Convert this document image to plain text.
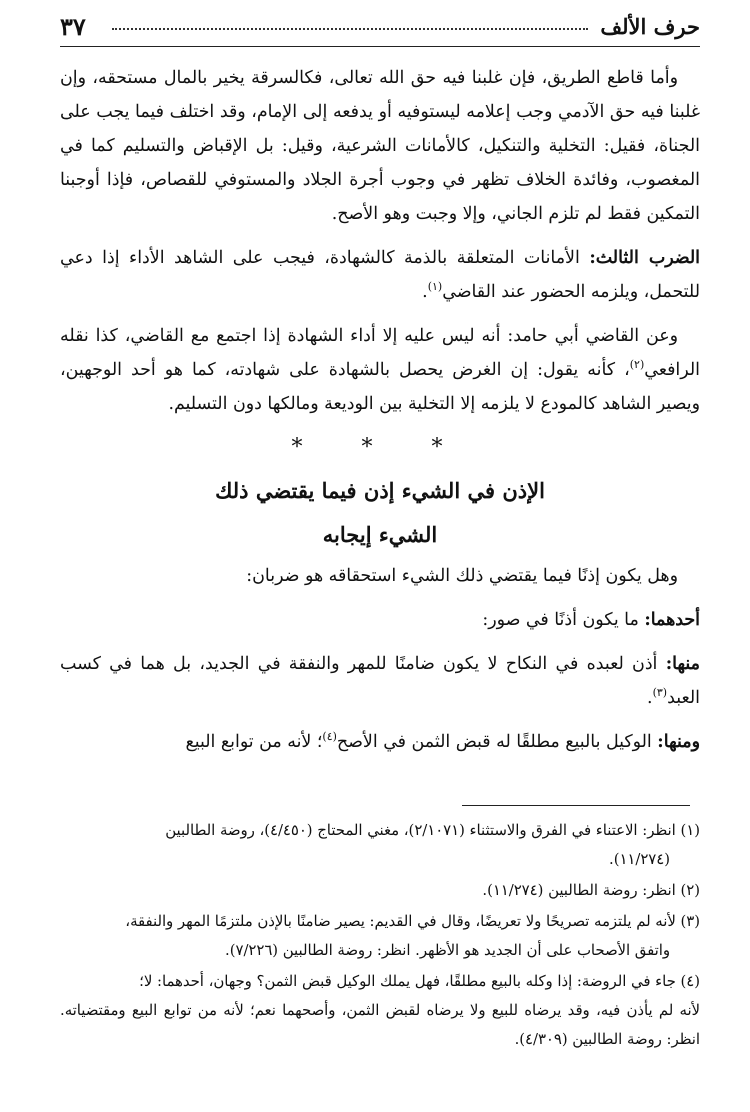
حرف الألف
٣٧

وأما قاطع الطريق، فإن غلبنا فيه حق الله تعالى، فكالسرقة يخير بالمال مستحقه، وإن غلبنا فيه حق الآدمي وجب إعلامه ليستوفيه أو يدفعه إلى الإمام، وقد اختلف فيما يجب على الجناة، فقيل: التخلية والتنكيل، كالأمانات الشرعية، وقيل: بل الإقباض والتسليم كما في المغصوب، وفائدة الخلاف تظهر في وجوب أجرة الجلاد والمستوفي للقصاص، فإذا أوجبنا التمكين فقط لم تلزم الجاني، وإلا وجبت وهو الأصح.

الضرب الثالث: الأمانات المتعلقة بالذمة كالشهادة، فيجب على الشاهد الأداء إذا دعي للتحمل، ويلزمه الحضور عند القاضي$^{(١)}$.

وعن القاضي أبي حامد: أنه ليس عليه إلا أداء الشهادة إذا اجتمع مع القاضي، كذا نقله الرافعي$^{(٢)}$، كأنه يقول: إن الغرض يحصل بالشهادة على شهادته، كما هو أحد الوجهين، ويصير الشاهد كالمودع لا يلزمه إلا التخلية بين الوديعة ومالكها دون التسليم.

* * *
الإذن في الشيء إذن فيما يقتضي ذلك
الشيء إيجابه

وهل يكون إذنًا فيما يقتضي ذلك الشيء استحقاقه هو ضربان:

أحدهما: ما يكون أذنًا في صور:

منها: أذن لعبده في النكاح لا يكون ضامنًا للمهر والنفقة في الجديد، بل هما في كسب العبد$^{(٣)}$.

ومنها: الوكيل بالبيع مطلقًا له قبض الثمن في الأصح$^{(٤)}$؛ لأنه من توابع البيع

(١) انظر: الاعتناء في الفرق والاستثناء (٢/١٠٧١)، مغني المحتاج (٤/٤٥٠)، روضة الطالبين
(١١/٢٧٤).

(٢) انظر: روضة الطالبين (١١/٢٧٤).

(٣) لأنه لم يلتزمه تصريحًا ولا تعريضًا، وقال في القديم: يصير ضامنًا بالإذن ملتزمًا المهر والنفقة،
واتفق الأصحاب على أن الجديد هو الأظهر. انظر: روضة الطالبين (٧/٢٢٦).

(٤) جاء في الروضة: إذا وكله بالبيع مطلقًا، فهل يملك الوكيل قبض الثمن؟ وجهان، أحدهما: لا؛
لأنه لم يأذن فيه، وقد يرضاه للبيع ولا يرضاه لقبض الثمن، وأصحهما نعم؛ لأنه من توابع البيع ومقتضياته. انظر: روضة الطالبين (٤/٣٠٩).
